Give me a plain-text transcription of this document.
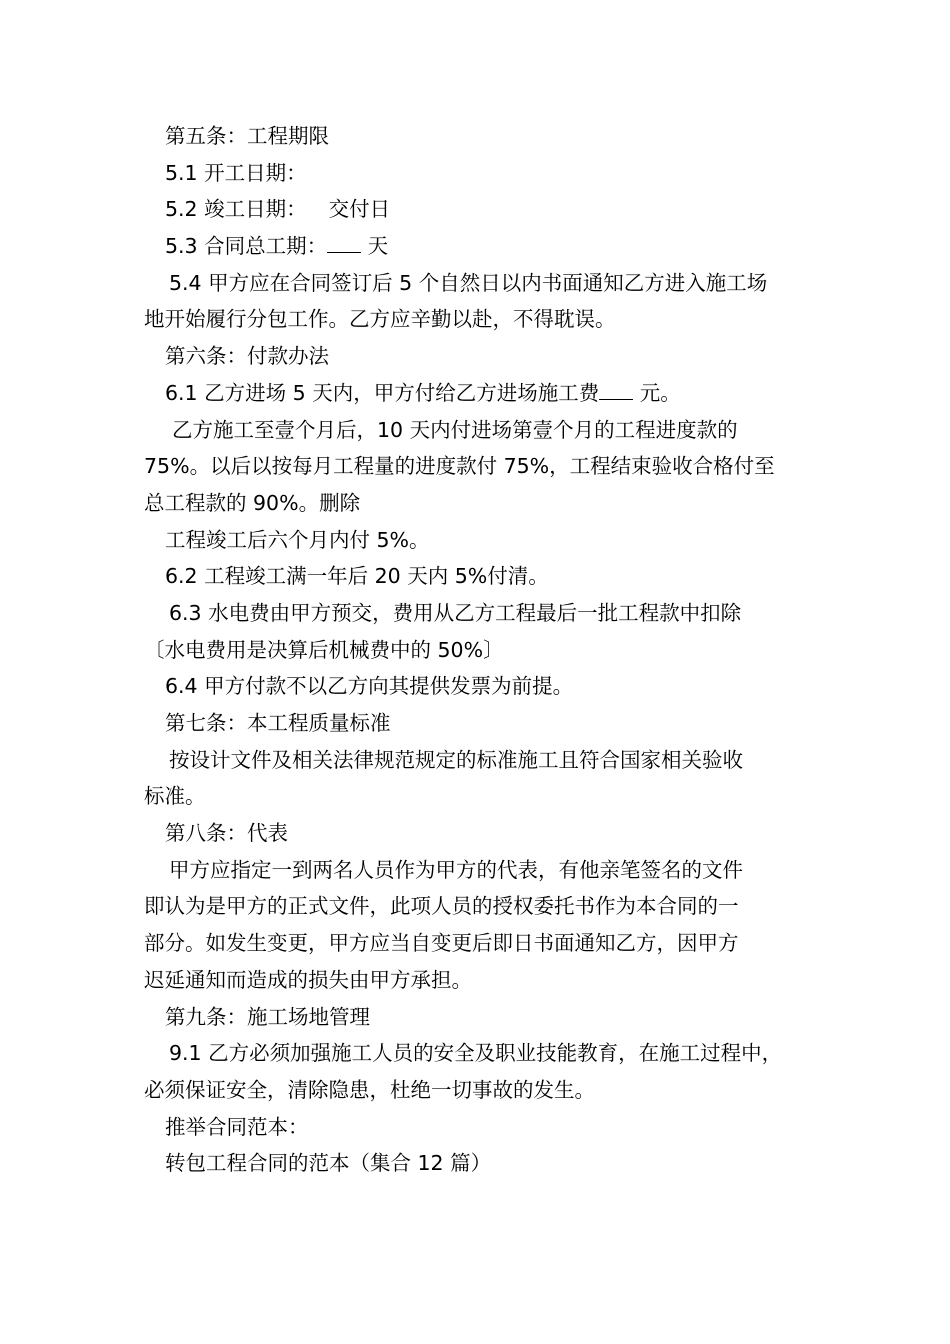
第五条：工程期限
5.1 开工日期：
5.2 竣工日期： 交付日
5.3 合同总工期： 天
5.4 甲方应在合同签订后 5 个自然日以内书面通知乙方进入施工场
地开始履行分包工作。乙方应辛勤以赴，不得耽误。
第六条：付款办法
6.1 乙方进场 5 天内，甲方付给乙方进场施工费 元。
乙方施工至壹个月后，10 天内付进场第壹个月的工程进度款的
75%。以后以按每月工程量的进度款付 75%，工程结束验收合格付至
总工程款的 90%。删除
工程竣工后六个月内付 5%。
6.2 工程竣工满一年后 20 天内 5%付清。
6.3 水电费由甲方预交，费用从乙方工程最后一批工程款中扣除
〔水电费用是决算后机械费中的 50%〕
6.4 甲方付款不以乙方向其提供发票为前提。
第七条：本工程质量标准
按设计文件及相关法律规范规定的标准施工且符合国家相关验收
标准。
第八条：代表
甲方应指定一到两名人员作为甲方的代表，有他亲笔签名的文件
即认为是甲方的正式文件，此项人员的授权委托书作为本合同的一
部分。如发生变更，甲方应当自变更后即日书面通知乙方，因甲方
迟延通知而造成的损失由甲方承担。
第九条：施工场地管理
9.1 乙方必须加强施工人员的安全及职业技能教育，在施工过程中，
必须保证安全，清除隐患，杜绝一切事故的发生。
推举合同范本：
转包工程合同的范本（集合 12 篇）
